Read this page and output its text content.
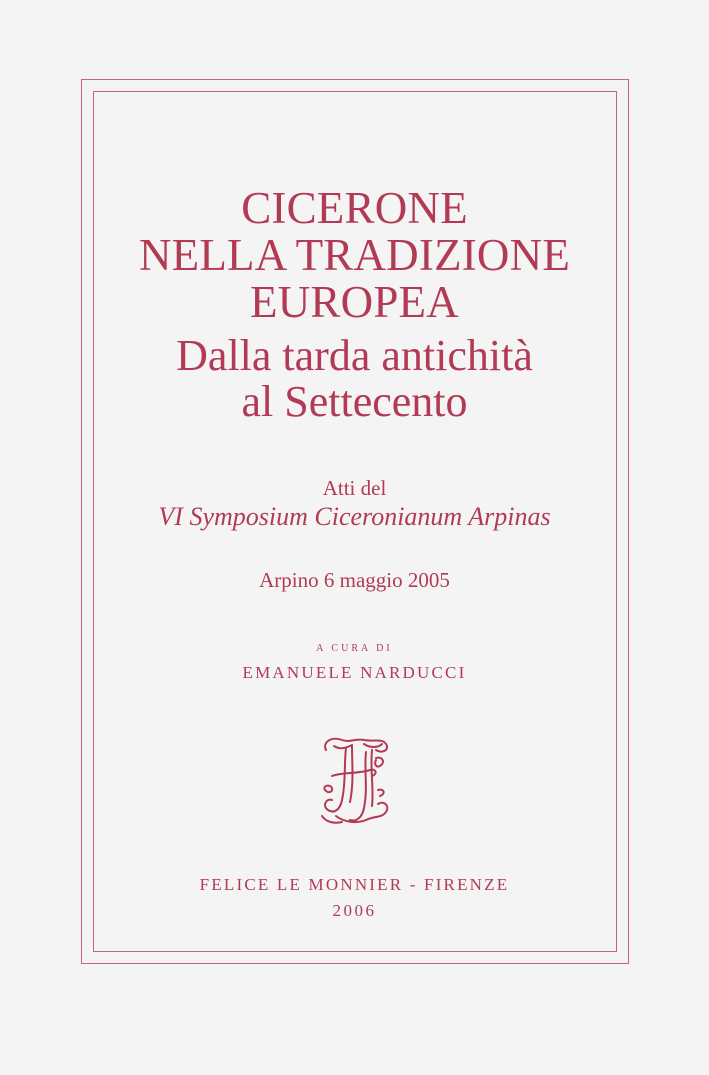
CICERONE
NELLA TRADIZIONE
EUROPEA
Dalla tarda antichità
al Settecento
Atti del
VI Symposium Ciceronianum Arpinas
Arpino 6 maggio 2005
A CURA DI
EMANUELE NARDUCCI
FELICE LE MONNIER - FIRENZE
2006
